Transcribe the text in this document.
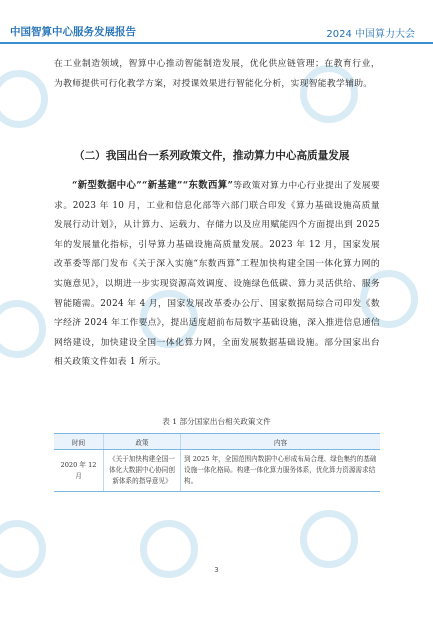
中国智算中心服务发展报告	2024 中国算力大会
在工业制造领域，智算中心推动智能制造发展，优化供应链管理；在教育行业，为教师提供可行化教学方案，对授课效果进行智能化分析，实现智能教学辅助。
（二）我国出台一系列政策文件，推动算力中心高质量发展
“新型数据中心”“新基建”“东数西算”等政策对算力中心行业提出了发展要求。2023 年 10 月，工业和信息化部等六部门联合印发《算力基础设施高质量发展行动计划》，从计算力、运载力、存储力以及应用赋能四个方面提出到 2025 年的发展量化指标，引导算力基础设施高质量发展。2023 年 12 月，国家发展改革委等部门发布《关于深入实施“东数西算”工程加快构建全国一体化算力网的实施意见》，以期进一步实现资源高效调度、设施绿色低碳、算力灵活供给、服务智能随需。2024 年 4 月，国家发展改革委办公厅、国家数据局综合司印发《数字经济 2024 年工作要点》，提出适度超前布局数字基础设施，深入推进信息通信网络建设，加快建设全国一体化算力网，全面发展数据基础设施。部分国家出台相关政策文件如表 1 所示。
表 1 部分国家出台相关政策文件
时间	政策	内容
2020 年 12 月	《关于加快构建全国一体化大数据中心协同创新体系的指导意见》	到 2025 年，全国范围内数据中心形成布局合理、绿色集约的基础设施一体化格局。构建一体化算力服务体系，优化算力资源需求结构。
3
